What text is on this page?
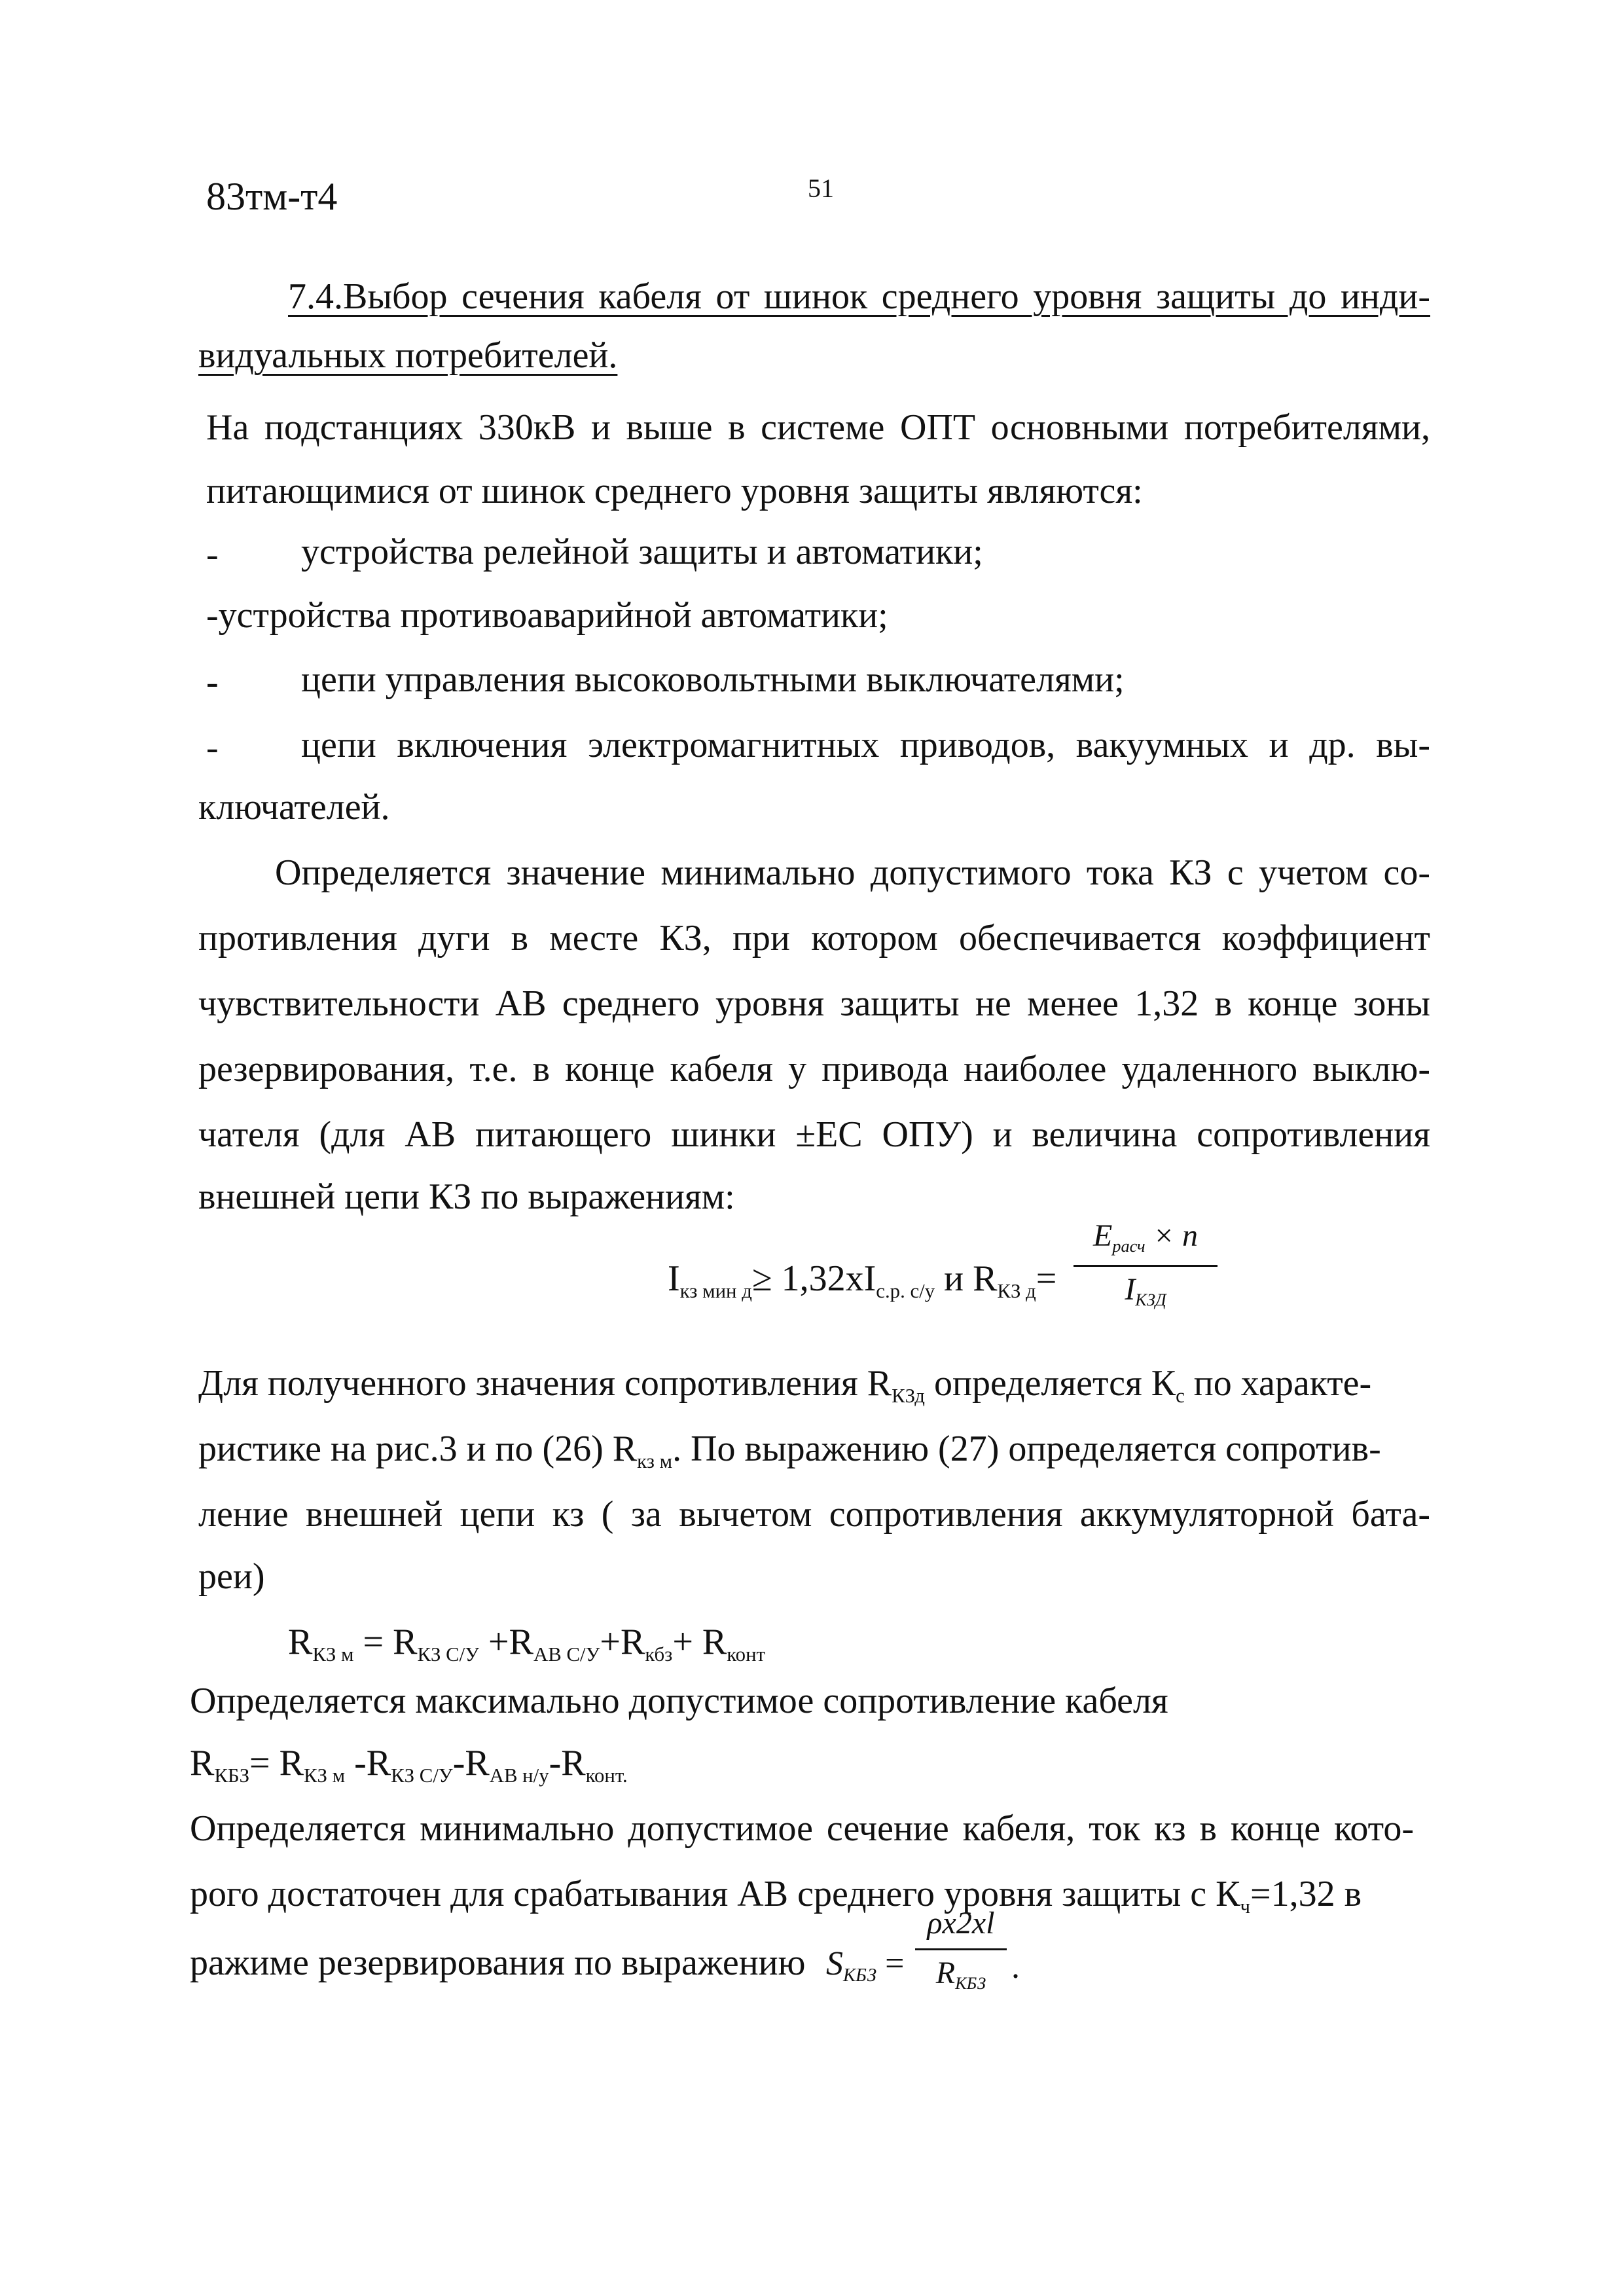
83тм-т4	51
7.4.Выбор сечения кабеля от шинок среднего уровня защиты до инди-
видуальных потребителей.
На подстанциях 330кВ и выше в системе ОПТ основными потребителями,
питающимися от шинок среднего уровня защиты являются:
- устройства релейной защиты и автоматики;
-устройства противоаварийной автоматики;
- цепи управления высоковольтными выключателями;
- цепи включения электромагнитных приводов, вакуумных и др. вы-
ключателей.
Определяется значение минимально допустимого тока КЗ с учетом со-
противления дуги в месте КЗ, при котором обеспечивается коэффициент
чувствительности АВ среднего уровня защиты не менее 1,32 в конце зоны
резервирования, т.е. в конце кабеля у привода наиболее удаленного выклю-
чателя (для АВ питающего шинки ±ЕС ОПУ) и величина сопротивления
внешней цепи КЗ по выражениям:
$I_{кз мин д}\ge 1,32xI_{с.р. с/у}$ и $R_{КЗ д}=$
$E_{расч} \times n$
$I_{КЗД}$
Для полученного значения сопротивления $R_{КЗд}$ определяется $К_с$ по характе-
ристике на рис.3 и по (26) $R_{кз м}$. По выражению (27) определяется сопротив-
ление внешней цепи кз ( за вычетом сопротивления аккумуляторной бата-
реи)
$R_{КЗ м} = R_{КЗ С/У} +R_{АВ С/У}+R_{кбз}+ R_{конт}$
Определяется максимально допустимое сопротивление кабеля
$R_{КБЗ}= R_{КЗ м}$ $-R_{КЗ С/У}-R_{АВ н/у}-R_{конт.}$
Определяется минимально допустимое сечение кабеля, ток кз в конце кото-
рого достаточен для срабатывания АВ среднего уровня защиты с $К_ч=1,32$ в
ражиме резервирования по выражению $S_{КБЗ}$ =
ρx2xl
$R_{КБЗ}$ .
